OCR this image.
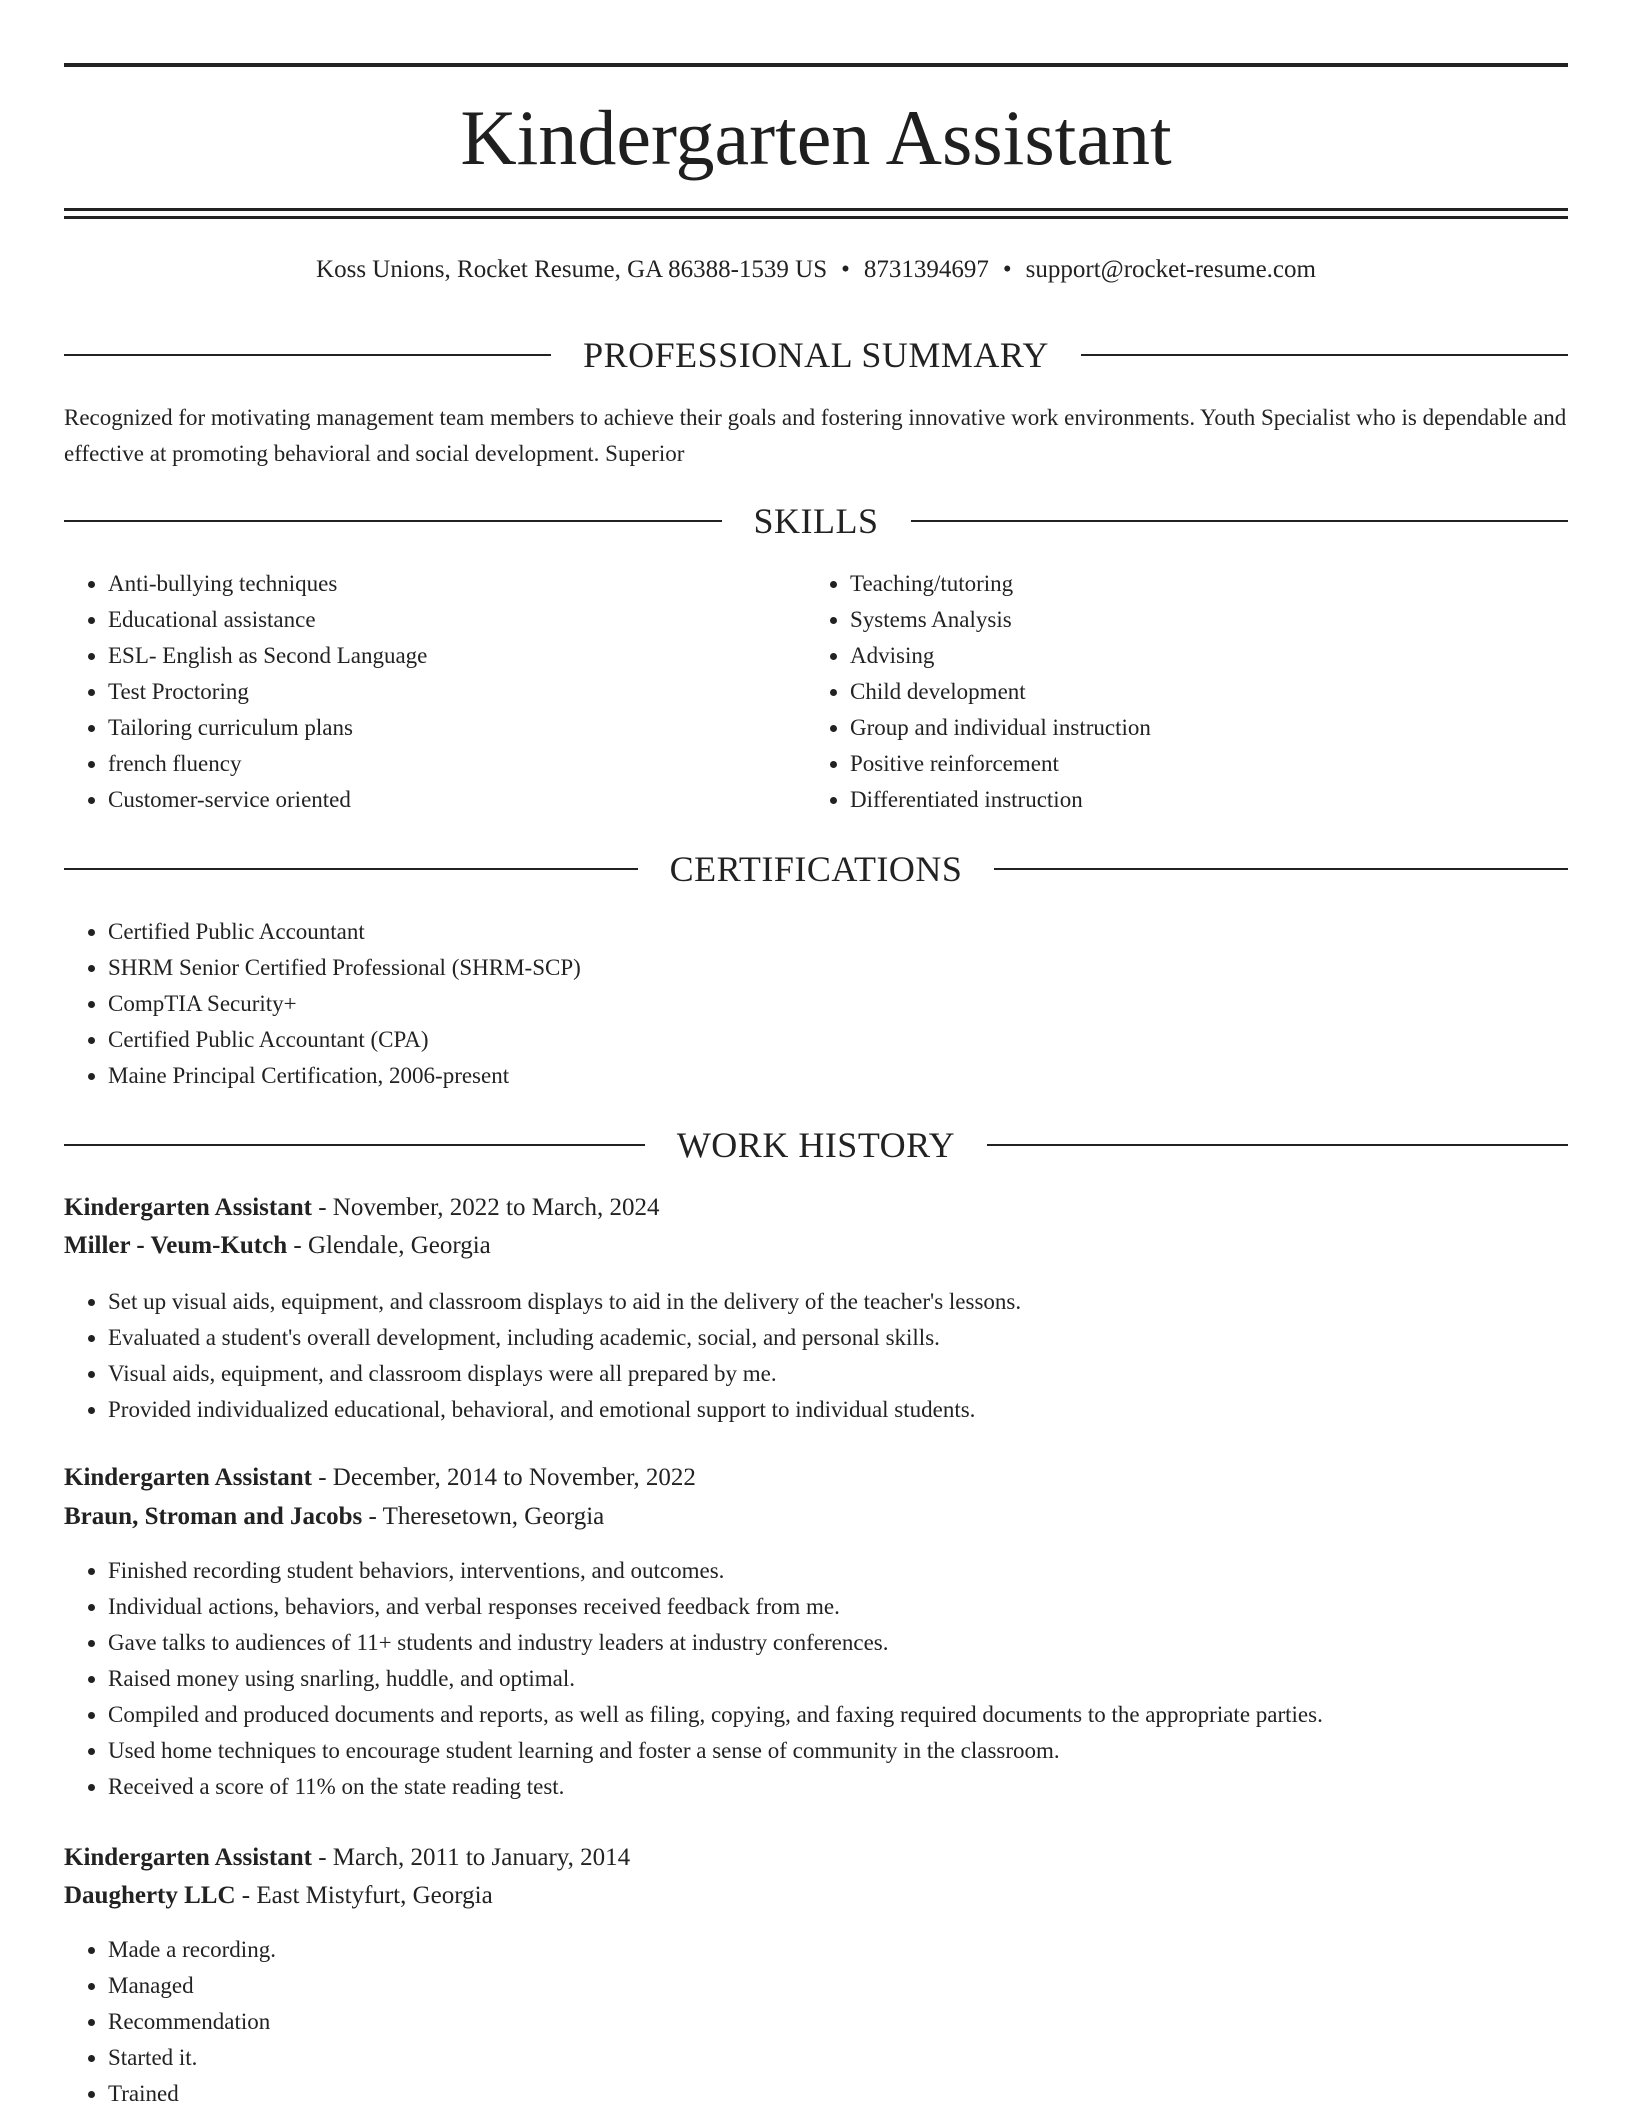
Kindergarten Assistant
Koss Unions, Rocket Resume, GA 86388-1539 US • 8731394697 • support@rocket-resume.com
PROFESSIONAL SUMMARY

Recognized for motivating management team members to achieve their goals and fostering innovative work environments. Youth Specialist who is dependable and effective at promoting behavioral and social development. Superior

SKILLS
• Anti-bullying techniques
• Educational assistance
• ESL- English as Second Language
• Test Proctoring
• Tailoring curriculum plans
• french fluency
• Customer-service oriented
• Teaching/tutoring
• Systems Analysis
• Advising
• Child development
• Group and individual instruction
• Positive reinforcement
• Differentiated instruction
CERTIFICATIONS
• Certified Public Accountant
• SHRM Senior Certified Professional (SHRM-SCP)
• CompTIA Security+
• Certified Public Accountant (CPA)
• Maine Principal Certification, 2006-present
WORK HISTORY
Kindergarten Assistant - November, 2022 to March, 2024
Miller - Veum-Kutch - Glendale, Georgia
• Set up visual aids, equipment, and classroom displays to aid in the delivery of the teacher's lessons.
• Evaluated a student's overall development, including academic, social, and personal skills.
• Visual aids, equipment, and classroom displays were all prepared by me.
• Provided individualized educational, behavioral, and emotional support to individual students.
Kindergarten Assistant - December, 2014 to November, 2022
Braun, Stroman and Jacobs - Theresetown, Georgia
• Finished recording student behaviors, interventions, and outcomes.
• Individual actions, behaviors, and verbal responses received feedback from me.
• Gave talks to audiences of 11+ students and industry leaders at industry conferences.
• Raised money using snarling, huddle, and optimal.
• Compiled and produced documents and reports, as well as filing, copying, and faxing required documents to the appropriate parties.
• Used home techniques to encourage student learning and foster a sense of community in the classroom.
• Received a score of 11% on the state reading test.
Kindergarten Assistant - March, 2011 to January, 2014
Daugherty LLC - East Mistyfurt, Georgia
• Made a recording.
• Managed
• Recommendation
• Started it.
• Trained
